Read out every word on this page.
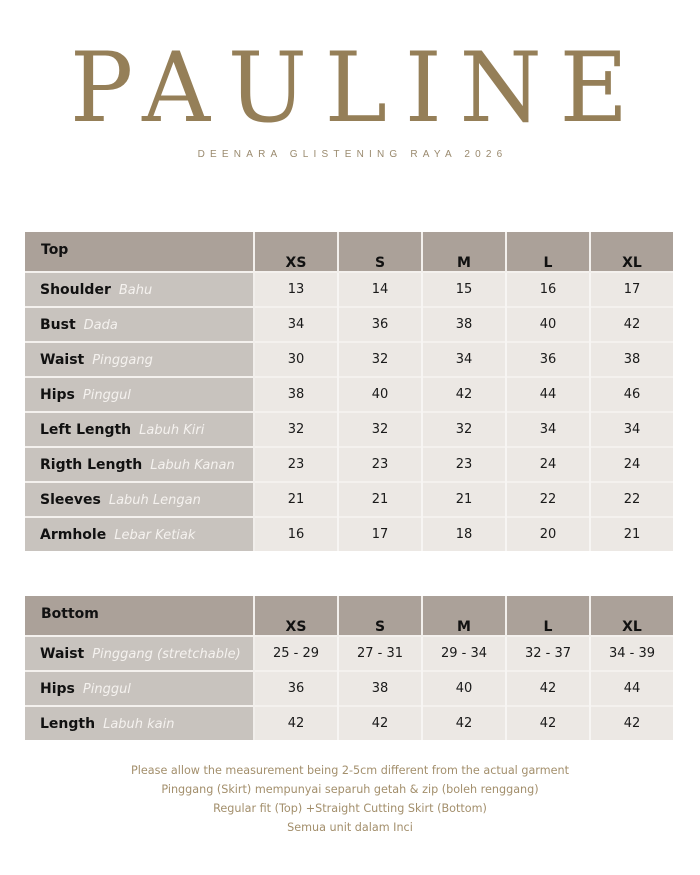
PAULINE
DEENARA GLISTENING RAYA 2026
Top	XS	S	M	L	XL
Shoulder Bahu	13	14	15	16	17
Bust Dada	34	36	38	40	42
Waist Pinggang	30	32	34	36	38
Hips Pinggul	38	40	42	44	46
Left Length Labuh Kiri	32	32	32	34	34
Rigth Length Labuh Kanan	23	23	23	24	24
Sleeves Labuh Lengan	21	21	21	22	22
Armhole Lebar Ketiak	16	17	18	20	21
Bottom	XS	S	M	L	XL
Waist Pinggang (stretchable)	25 - 29	27 - 31	29 - 34	32 - 37	34 - 39
Hips Pinggul	36	38	40	42	44
Length Labuh kain	42	42	42	42	42
Please allow the measurement being 2-5cm different from the actual garment
Pinggang (Skirt) mempunyai separuh getah & zip (boleh renggang)
Regular fit (Top) +Straight Cutting Skirt (Bottom)
Semua unit dalam Inci
